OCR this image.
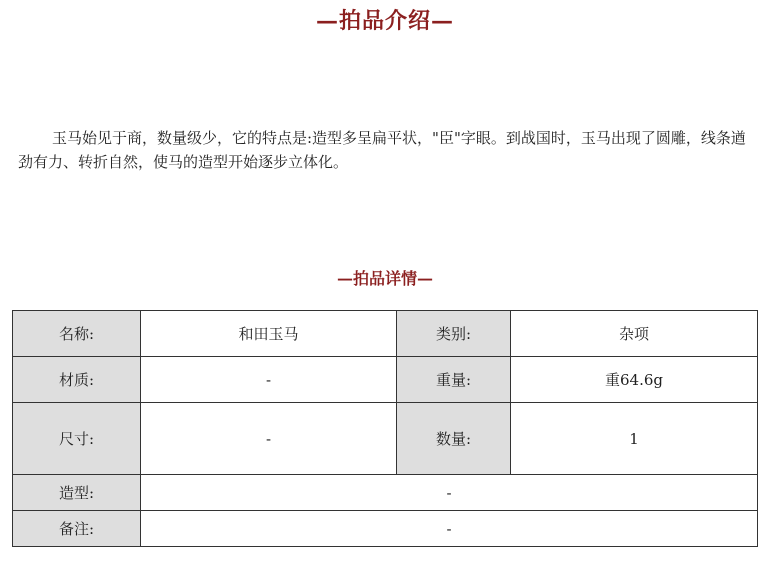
—拍品介绍—

玉马始见于商，数量级少，它的特点是:造型多呈扁平状，"臣"字眼。到战国时，玉马出现了圆雕，线条遒劲有力、转折自然，使马的造型开始逐步立体化。

—拍品详情—
名称:	和田玉马	类别:	杂项
材质:	-	重量:	重64.6g
尺寸:	-	数量:	1
造型:	-		
备注:	-		
